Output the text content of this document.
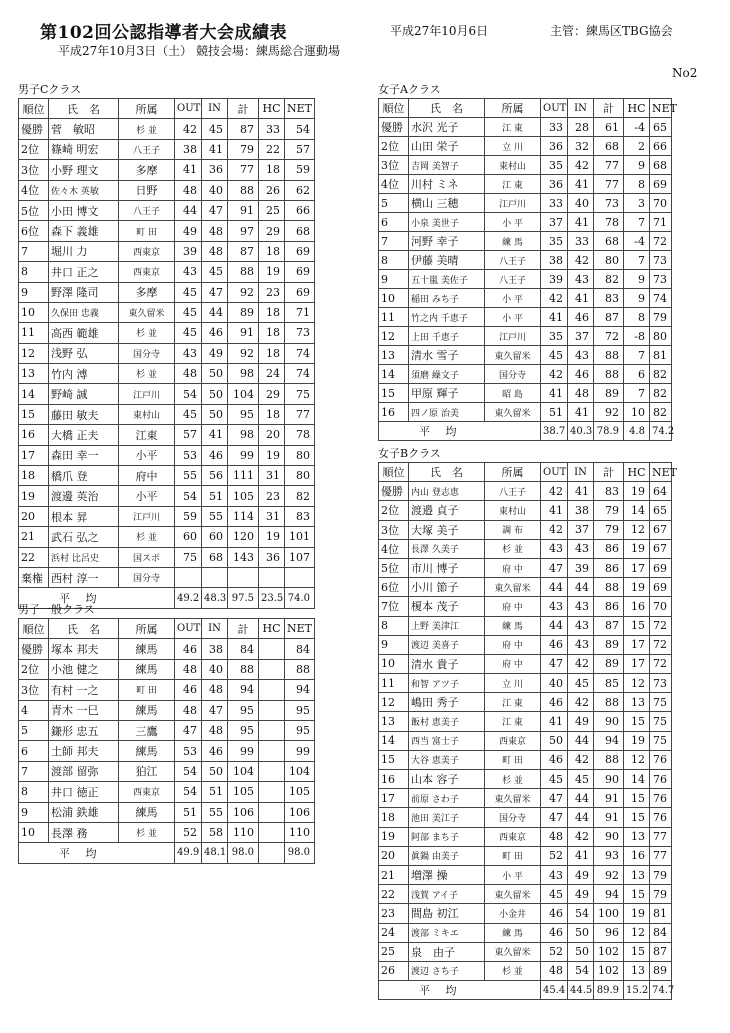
第102回公認指導者大会成績表	平成27年10月6日	主管：練馬区TBG協会
平成27年10月3日（土） 競技会場：練馬総合運動場
No2
男子Cクラス
順位	氏　名	所属	OUT	IN	計	HC	NET
優勝	菅　敏昭	杉 並	42	45	87	33	54
2位	篠崎 明宏	八王子	38	41	79	22	57
3位	小野 理文	多摩	41	36	77	18	59
4位	佐々木 英敏	日野	48	40	88	26	62
5位	小田 博文	八王子	44	47	91	25	66
6位	森下 義雄	町 田	49	48	97	29	68
7	堀川 力	西東京	39	48	87	18	69
8	井口 正之	西東京	43	45	88	19	69
9	野澤 隆司	多摩	45	47	92	23	69
10	久保田 忠義	東久留米	45	44	89	18	71
11	高西 範雄	杉 並	45	46	91	18	73
12	浅野 弘	国分寺	43	49	92	18	74
13	竹内 溥	杉 並	48	50	98	24	74
14	野崎 誠	江戸川	54	50	104	29	75
15	藤田 敏夫	東村山	45	50	95	18	77
16	大橋 正夫	江東	57	41	98	20	78
17	森田 幸一	小平	53	46	99	19	80
18	橋爪 登	府中	55	56	111	31	80
19	渡邊 英治	小平	54	51	105	23	82
20	根本 昇	江戸川	59	55	114	31	83
21	武石 弘之	杉 並	60	60	120	19	101
22	浜村 比呂史	国スポ	75	68	143	36	107
棄権	西村 淳一	国分寺					
平 均			49.2	48.3	97.5	23.5	74.0
男子一般クラス
順位	氏　名	所属	OUT	IN	計	HC	NET
優勝	塚本 邦夫	練馬	46	38	84		84
2位	小池 健之	練馬	48	40	88		88
3位	有村 一之	町 田	46	48	94		94
4	青木 一巳	練馬	48	47	95		95
5	鎌形 忠五	三鷹	47	48	95		95
6	土師 邦夫	練馬	53	46	99		99
7	渡部 留弥	狛江	54	50	104		104
8	井口 徳正	西東京	54	51	105		105
9	松浦 鉄雄	練馬	51	55	106		106
10	長澤 務	杉 並	52	58	110		110
平 均			49.9	48.1	98.0		98.0
女子Aクラス
順位	氏　名	所属	OUT	IN	計	HC	NET
優勝	水沢 光子	江 東	33	28	61	-4	65
2位	山田 栄子	立 川	36	32	68	2	66
3位	吉岡 美智子	東村山	35	42	77	9	68
4位	川村 ミネ	江 東	36	41	77	8	69
5	横山 三穂	江戸川	33	40	73	3	70
6	小泉 美世子	小 平	37	41	78	7	71
7	河野 幸子	練 馬	35	33	68	-4	72
8	伊藤 美晴	八王子	38	42	80	7	73
9	五十嵐 美佐子	八王子	39	43	82	9	73
10	稲田 みち子	小 平	42	41	83	9	74
11	竹之内 千恵子	小 平	41	46	87	8	79
12	上田 千恵子	江戸川	35	37	72	-8	80
13	清水 雪子	東久留米	45	43	88	7	81
14	須磨 繰文子	国分寺	42	46	88	6	82
15	甲原 輝子	昭 島	41	48	89	7	82
16	四ノ原 治美	東久留米	51	41	92	10	82
平 均			38.7	40.3	78.9	4.8	74.2
女子Bクラス
順位	氏　名	所属	OUT	IN	計	HC	NET
優勝	内山 登志恵	八王子	42	41	83	19	64
2位	渡邉 貞子	東村山	41	38	79	14	65
3位	大塚 美子	調 布	42	37	79	12	67
4位	長澤 久美子	杉 並	43	43	86	19	67
5位	市川 博子	府 中	47	39	86	17	69
6位	小川 節子	東久留米	44	44	88	19	69
7位	榎本 茂子	府 中	43	43	86	16	70
8	上野 美津江	練 馬	44	43	87	15	72
9	渡辺 美喜子	府 中	46	43	89	17	72
10	清水 貴子	府 中	47	42	89	17	72
11	和智 アツ子	立 川	40	45	85	12	73
12	嶋田 秀子	江 東	46	42	88	13	75
13	飯村 恵美子	江 東	41	49	90	15	75
14	西当 富士子	西東京	50	44	94	19	75
15	大谷 恵美子	町 田	46	42	88	12	76
16	山本 容子	杉 並	45	45	90	14	76
17	前原 さわ子	東久留米	47	44	91	15	76
18	池田 美江子	国分寺	47	44	91	15	76
19	阿部 まち子	西東京	48	42	90	13	77
20	眞鍋 由美子	町 田	52	41	93	16	77
21	増澤 操	小 平	43	49	92	13	79
22	浅賀 アイ子	東久留米	45	49	94	15	79
23	間島 初江	小金井	46	54	100	19	81
24	渡部 ミキエ	練 馬	46	50	96	12	84
25	泉　由子	東久留米	52	50	102	15	87
26	渡辺 さち子	杉 並	48	54	102	13	89
平 均			45.4	44.5	89.9	15.2	74.7
